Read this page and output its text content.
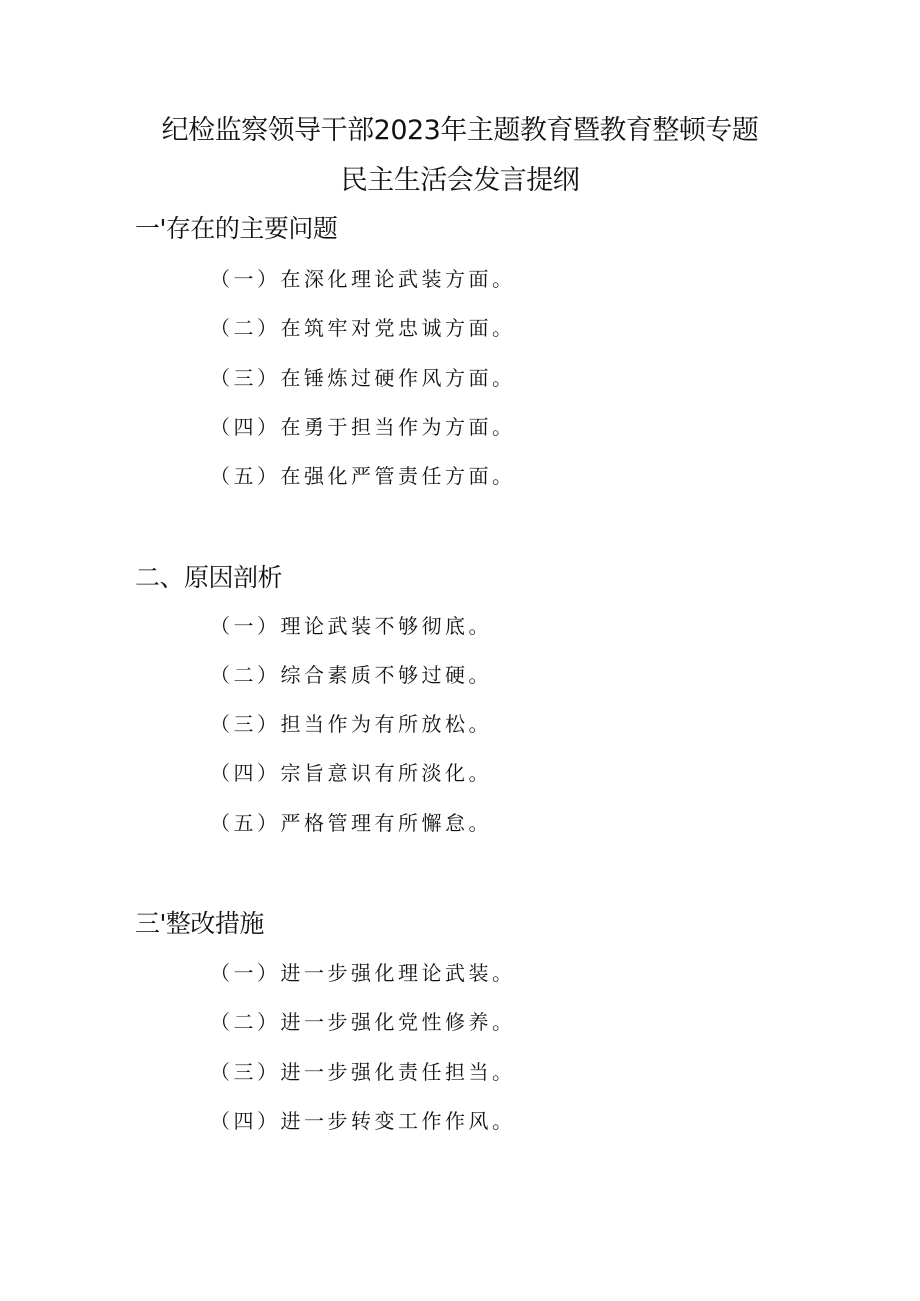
纪检监察领导干部2023年主题教育暨教育整顿专题
民主生活会发言提纲
一'存在的主要问题
（一）在深化理论武装方面。
（二）在筑牢对党忠诚方面。
（三）在锤炼过硬作风方面。
（四）在勇于担当作为方面。
（五）在强化严管责任方面。
二、原因剖析
（一）理论武装不够彻底。
（二）综合素质不够过硬。
（三）担当作为有所放松。
（四）宗旨意识有所淡化。
（五）严格管理有所懈怠。
三'整改措施
（一）进一步强化理论武装。
（二）进一步强化党性修养。
（三）进一步强化责任担当。
（四）进一步转变工作作风。
